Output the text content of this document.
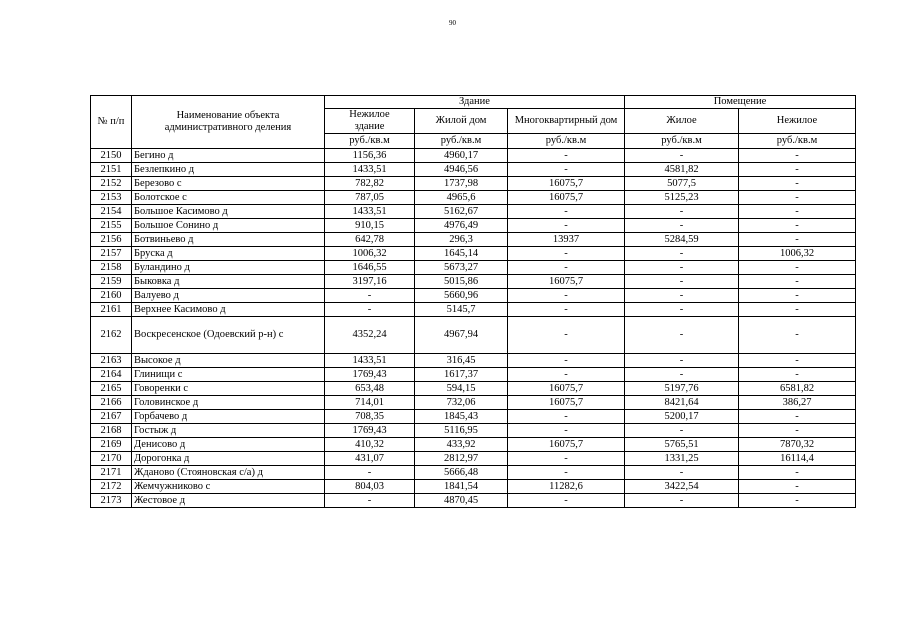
90
№ п/п	Наименование объекта административного деления	Здание			Помещение	
		Нежилое здание	Жилой дом	Многоквартирный дом	Жилое	Нежилое
		руб./кв.м	руб./кв.м	руб./кв.м	руб./кв.м	руб./кв.м
2150	Бегино д	1156,36	4960,17	-	-	-
2151	Безлепкино д	1433,51	4946,56	-	4581,82	-
2152	Березово с	782,82	1737,98	16075,7	5077,5	-
2153	Болотское с	787,05	4965,6	16075,7	5125,23	-
2154	Большое Касимово д	1433,51	5162,67	-	-	-
2155	Большое Сонино д	910,15	4976,49	-	-	-
2156	Ботвиньево д	642,78	296,3	13937	5284,59	-
2157	Бруска д	1006,32	1645,14	-	-	1006,32
2158	Буландино д	1646,55	5673,27	-	-	-
2159	Быковка д	3197,16	5015,86	16075,7	-	-
2160	Валуево д	-	5660,96	-	-	-
2161	Верхнее Касимово д	-	5145,7	-	-	-
2162	Воскресенское (Одоевский р-н) с	4352,24	4967,94	-	-	-
2163	Высокое д	1433,51	316,45	-	-	-
2164	Глинищи с	1769,43	1617,37	-	-	-
2165	Говоренки с	653,48	594,15	16075,7	5197,76	6581,82
2166	Головинское д	714,01	732,06	16075,7	8421,64	386,27
2167	Горбачево д	708,35	1845,43	-	5200,17	-
2168	Гостыж д	1769,43	5116,95	-	-	-
2169	Денисово д	410,32	433,92	16075,7	5765,51	7870,32
2170	Дорогонка д	431,07	2812,97	-	1331,25	16114,4
2171	Жданово (Стояновская с/а) д	-	5666,48	-	-	-
2172	Жемчужниково с	804,03	1841,54	11282,6	3422,54	-
2173	Жестовое д	-	4870,45	-	-	-
